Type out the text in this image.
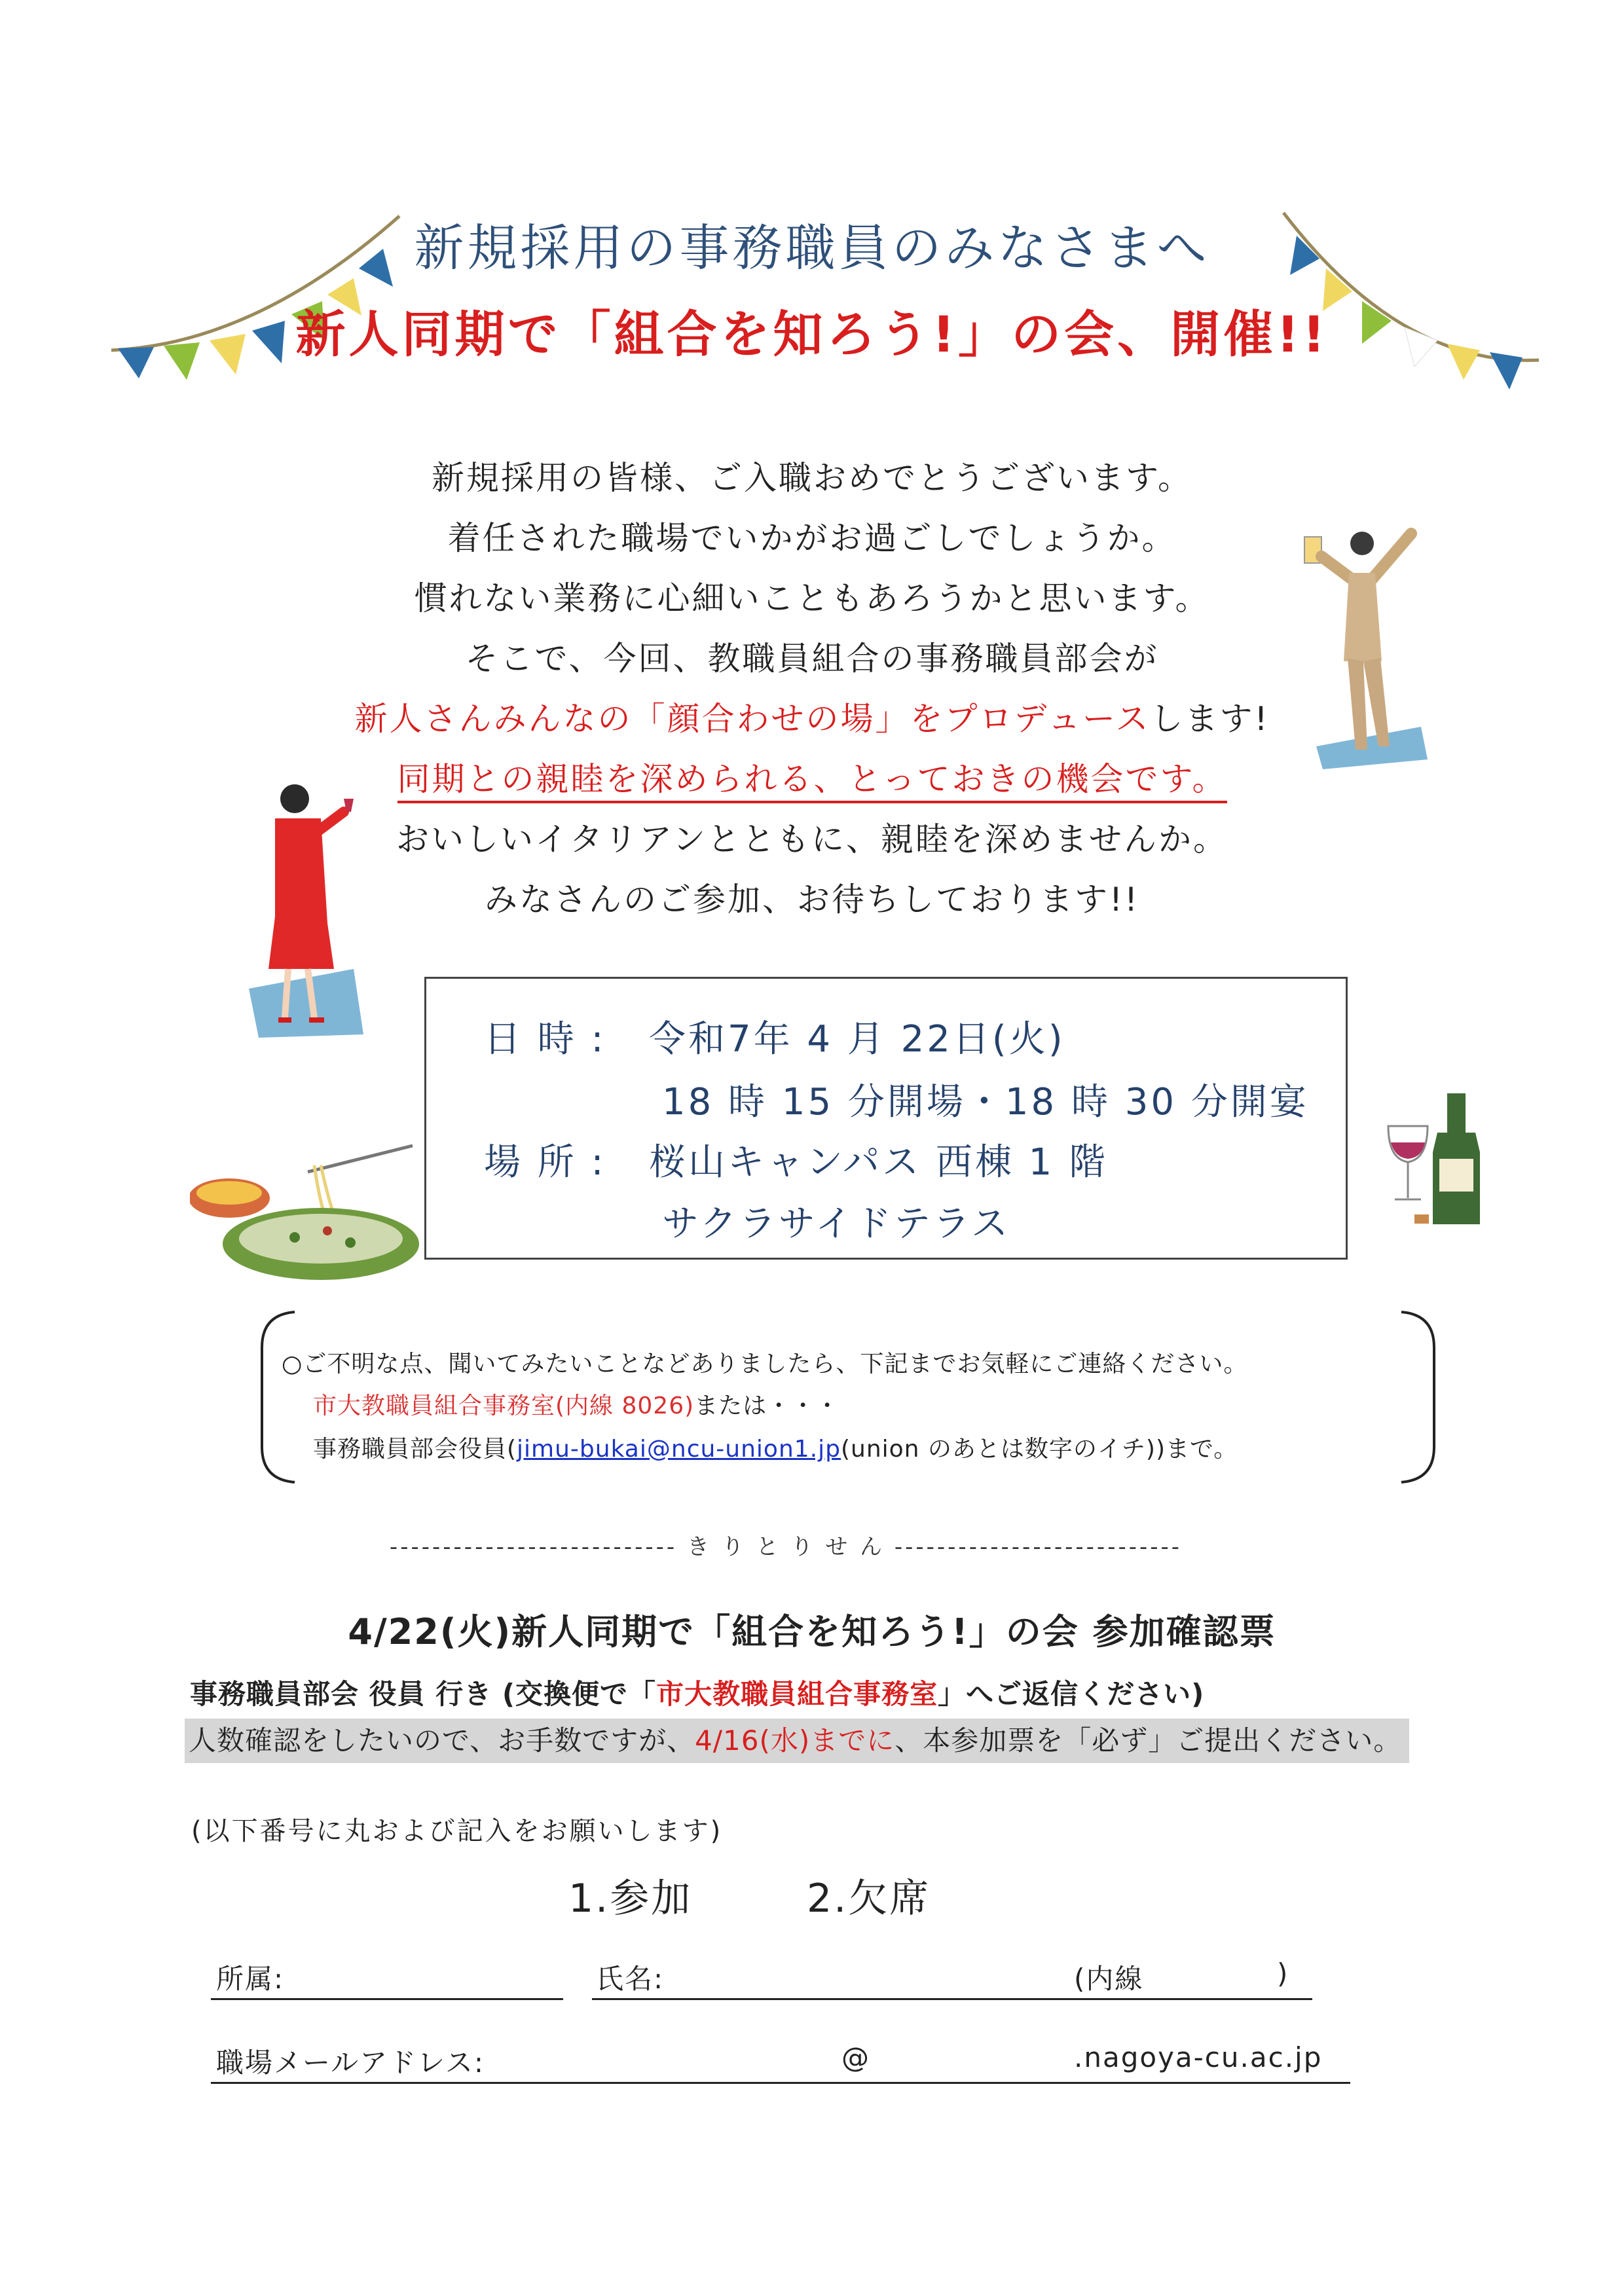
新規採用の事務職員のみなさまへ
新人同期で「組合を知ろう!」の会、開催!!
新規採用の皆様、ご入職おめでとうございます。
着任された職場でいかがお過ごしでしょうか。
慣れない業務に心細いこともあろうかと思います。
そこで、今回、教職員組合の事務職員部会が
新人さんみんなの「顔合わせの場」をプロデュースします!
同期との親睦を深められる、とっておきの機会です。
おいしいイタリアンとともに、親睦を深めませんか。
みなさんのご参加、お待ちしております!!
日 時 : 令和7年 4 月 22日(火)
18 時 15 分開場・18 時 30 分開宴
場 所 : 桜山キャンパス 西棟 1 階
サクラサイドテラス
○ご不明な点、聞いてみたいことなどありましたら、下記までお気軽にご連絡ください。
市大教職員組合事務室(内線 8026)または・・・
事務職員部会役員(jimu-bukai@ncu-union1.jp(union のあとは数字のイチ))まで。
--------------------------- き り と り せ ん ---------------------------
4/22(火)新人同期で「組合を知ろう!」の会 参加確認票
事務職員部会 役員 行き (交換便で「市大教職員組合事務室」へご返信ください)
人数確認をしたいので、お手数ですが、4/16(水)までに、本参加票を「必ず」ご提出ください。
(以下番号に丸および記入をお願いします)
1.参加	2.欠席
所属:	氏名:	(内線	)
職場メールアドレス:	@	.nagoya-cu.ac.jp
